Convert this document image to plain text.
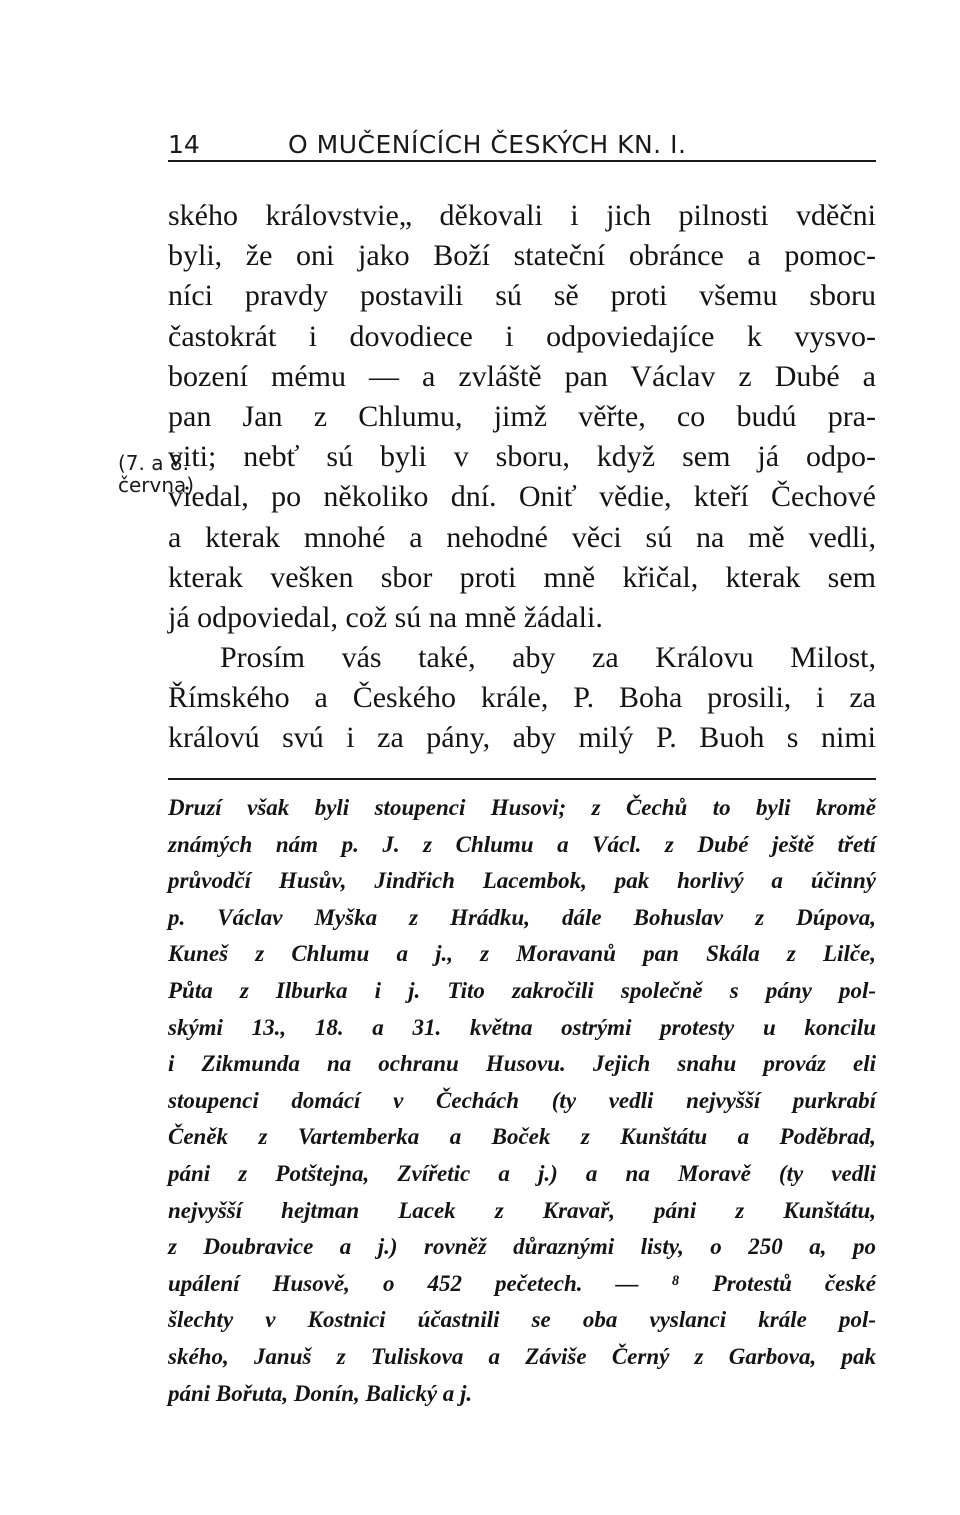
14	O MUČENÍCÍCH ČESKÝCH KN. I.
(7. a 8.
června)
ského královstvie„ děkovali i jich pilnosti vděčni
byli, že oni jako Boží stateční obránce a pomoc-
níci pravdy postavili sú sě proti všemu sboru
častokrát i dovodiece i odpoviedajíce k vysvo-
bození mému — a zvláště pan Václav z Dubé a
pan Jan z Chlumu, jimž věřte, co budú pra-
viti; nebť sú byli v sboru, když sem já odpo-
viedal, po několiko dní. Oniť vědie, kteří Čechové
a kterak mnohé a nehodné věci sú na mě vedli,
kterak vešken sbor proti mně křičal, kterak sem
já odpoviedal, což sú na mně žádali.
Prosím vás také, aby za Královu Milost,
Římského a Českého krále, P. Boha prosili, i za
královú svú i za pány, aby milý P. Buoh s nimi
Druzí však byli stoupenci Husovi; z Čechů to byli kromě
známých nám p. J. z Chlumu a Václ. z Dubé ještě třetí
průvodčí Husův, Jindřich Lacembok, pak horlivý a účinný
p. Václav Myška z Hrádku, dále Bohuslav z Dúpova,
Kuneš z Chlumu a j., z Moravanů pan Skála z Lilče,
Půta z Ilburka i j. Tito zakročili společně s pány pol-
skými 13., 18. a 31. května ostrými protesty u koncilu
i Zikmunda na ochranu Husovu. Jejich snahu prováz eli
stoupenci domácí v Čechách (ty vedli nejvyšší purkrabí
Čeněk z Vartemberka a Boček z Kunštátu a Poděbrad,
páni z Potštejna, Zvířetic a j.) a na Moravě (ty vedli
nejvyšší hejtman Lacek z Kravař, páni z Kunštátu,
z Doubravice a j.) rovněž důraznými listy, o 250 a, po
upálení Husově, o 452 pečetech. — ⁸ Protestů české
šlechty v Kostnici účastnili se oba vyslanci krále pol-
ského, Januš z Tuliskova a Záviše Černý z Garbova, pak
páni Bořuta, Donín, Balický a j.
